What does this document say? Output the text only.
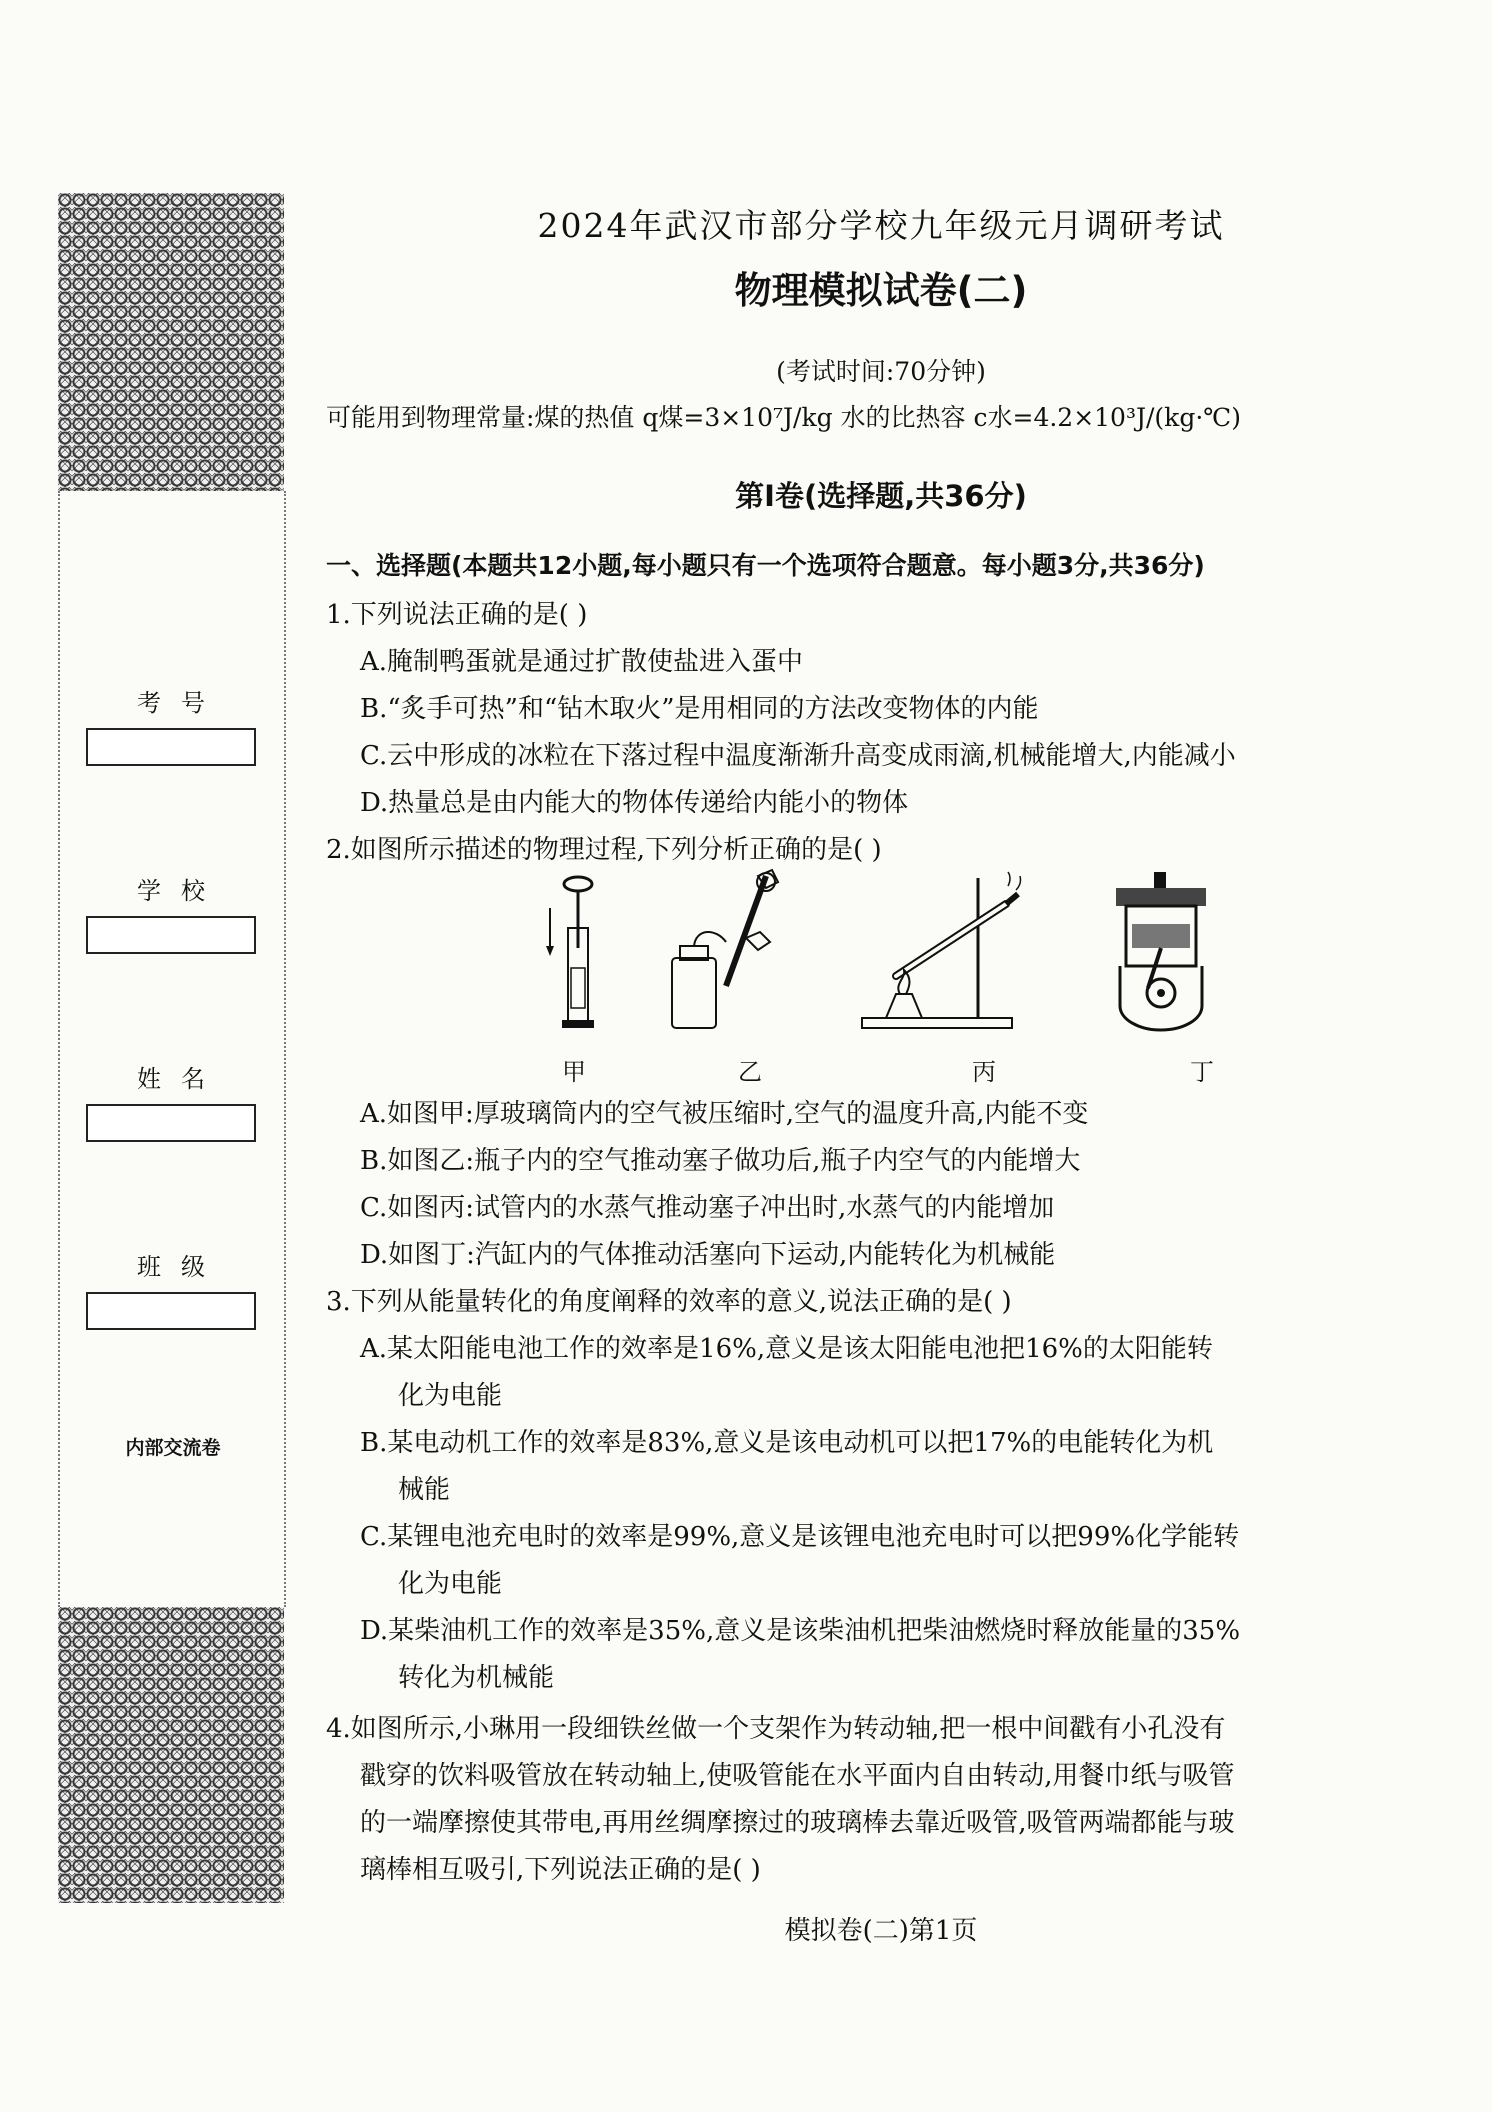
考号
学校
姓名
班级
内部交流卷
2024年武汉市部分学校九年级元月调研考试
物理模拟试卷(二)
(考试时间:70分钟)
可能用到物理常量:煤的热值 q煤=3×10⁷J/kg 水的比热容 c水=4.2×10³J/(kg·℃)
第Ⅰ卷(选择题,共36分)
一、选择题(本题共12小题,每小题只有一个选项符合题意。每小题3分,共36分)
1.下列说法正确的是( )
A.腌制鸭蛋就是通过扩散使盐进入蛋中
B.“炙手可热”和“钻木取火”是用相同的方法改变物体的内能
C.云中形成的冰粒在下落过程中温度渐渐升高变成雨滴,机械能增大,内能减小
D.热量总是由内能大的物体传递给内能小的物体
2.如图所示描述的物理过程,下列分析正确的是( )
甲	乙	丙	丁
A.如图甲:厚玻璃筒内的空气被压缩时,空气的温度升高,内能不变
B.如图乙:瓶子内的空气推动塞子做功后,瓶子内空气的内能增大
C.如图丙:试管内的水蒸气推动塞子冲出时,水蒸气的内能增加
D.如图丁:汽缸内的气体推动活塞向下运动,内能转化为机械能
3.下列从能量转化的角度阐释的效率的意义,说法正确的是( )
A.某太阳能电池工作的效率是16%,意义是该太阳能电池把16%的太阳能转
化为电能
B.某电动机工作的效率是83%,意义是该电动机可以把17%的电能转化为机
械能
C.某锂电池充电时的效率是99%,意义是该锂电池充电时可以把99%化学能转
化为电能
D.某柴油机工作的效率是35%,意义是该柴油机把柴油燃烧时释放能量的35%
转化为机械能
4.如图所示,小琳用一段细铁丝做一个支架作为转动轴,把一根中间戳有小孔没有
戳穿的饮料吸管放在转动轴上,使吸管能在水平面内自由转动,用餐巾纸与吸管
的一端摩擦使其带电,再用丝绸摩擦过的玻璃棒去靠近吸管,吸管两端都能与玻
璃棒相互吸引,下列说法正确的是( )
模拟卷(二)第1页
